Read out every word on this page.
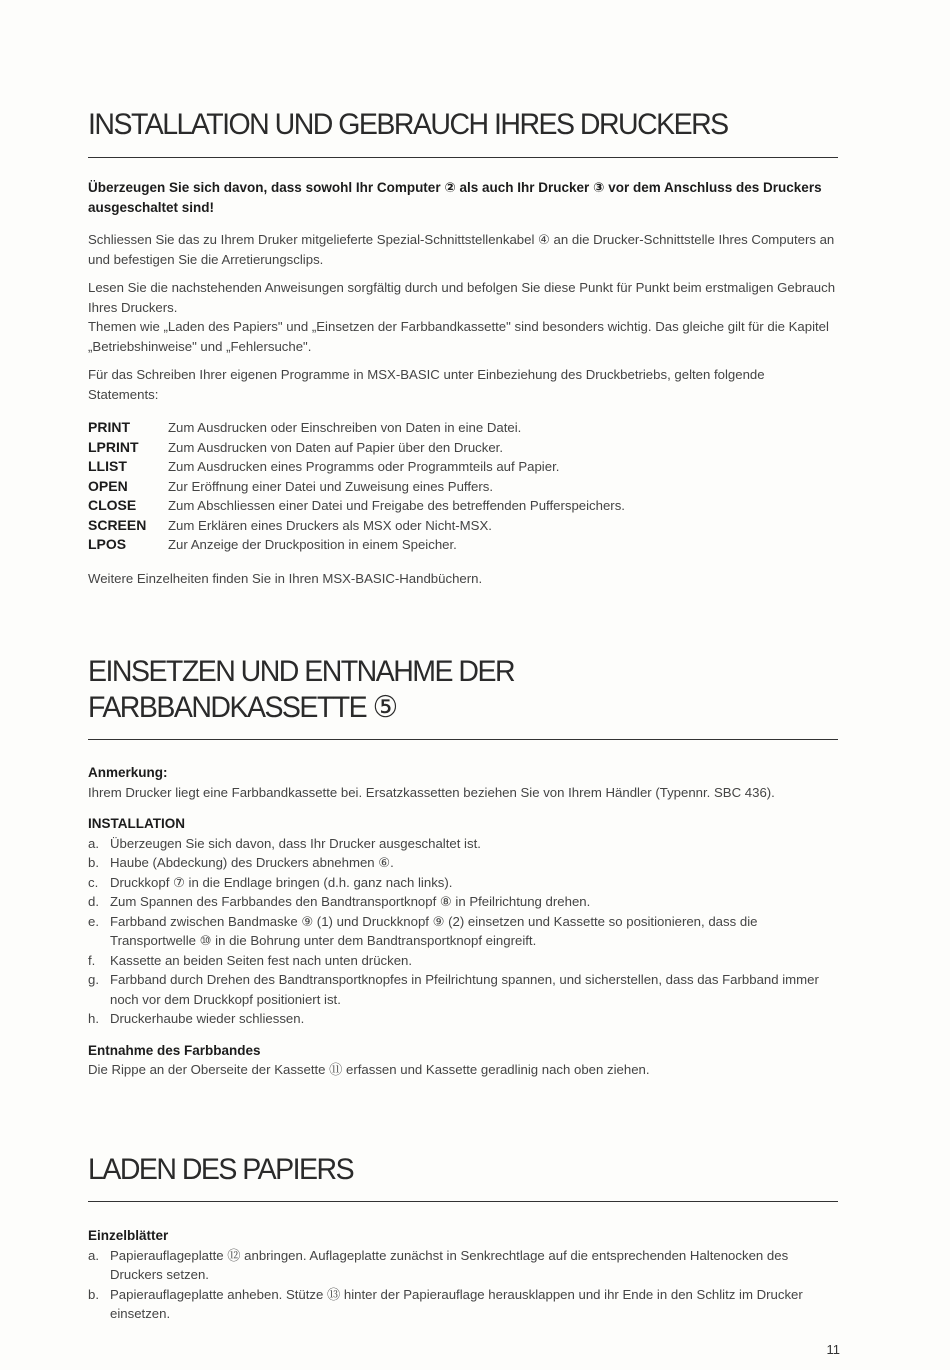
INSTALLATION UND GEBRAUCH IHRES DRUCKERS

Überzeugen Sie sich davon, dass sowohl Ihr Computer ② als auch Ihr Drucker ③ vor dem Anschluss des Druckers ausgeschaltet sind!

Schliessen Sie das zu Ihrem Druker mitgelieferte Spezial-Schnittstellenkabel ④ an die Drucker-Schnittstelle Ihres Computers an und befestigen Sie die Arretierungsclips.

Lesen Sie die nachstehenden Anweisungen sorgfältig durch und befolgen Sie diese Punkt für Punkt beim erstmaligen Gebrauch Ihres Druckers.

Themen wie „Laden des Papiers" und „Einsetzen der Farbbandkassette" sind besonders wichtig. Das gleiche gilt für die Kapitel „Betriebshinweise" und „Fehlersuche".

Für das Schreiben Ihrer eigenen Programme in MSX-BASIC unter Einbeziehung des Druckbetriebs, gelten folgende Statements:

PRINT	Zum Ausdrucken oder Einschreiben von Daten in eine Datei.
LPRINT	Zum Ausdrucken von Daten auf Papier über den Drucker.
LLIST	Zum Ausdrucken eines Programms oder Programmteils auf Papier.
OPEN	Zur Eröffnung einer Datei und Zuweisung eines Puffers.
CLOSE	Zum Abschliessen einer Datei und Freigabe des betreffenden Pufferspeichers.
SCREEN	Zum Erklären eines Druckers als MSX oder Nicht-MSX.
LPOS	Zur Anzeige der Druckposition in einem Speicher.

Weitere Einzelheiten finden Sie in Ihren MSX-BASIC-Handbüchern.

EINSETZEN UND ENTNAHME DER
FARBBANDKASSETTE ⑤

Anmerkung:

Ihrem Drucker liegt eine Farbbandkassette bei. Ersatzkassetten beziehen Sie von Ihrem Händler (Typennr. SBC 436).

INSTALLATION

a. Überzeugen Sie sich davon, dass Ihr Drucker ausgeschaltet ist.
b. Haube (Abdeckung) des Druckers abnehmen ⑥.
c. Druckkopf ⑦ in die Endlage bringen (d.h. ganz nach links).
d. Zum Spannen des Farbbandes den Bandtransportknopf ⑧ in Pfeilrichtung drehen.
e. Farbband zwischen Bandmaske ⑨ (1) und Druckknopf ⑨ (2) einsetzen und Kassette so positionieren, dass die Transportwelle ⑩ in die Bohrung unter dem Bandtransportknopf eingreift.
f. Kassette an beiden Seiten fest nach unten drücken.
g. Farbband durch Drehen des Bandtransportknopfes in Pfeilrichtung spannen, und sicherstellen, dass das Farbband immer noch vor dem Druckkopf positioniert ist.
h. Druckerhaube wieder schliessen.

Entnahme des Farbbandes

Die Rippe an der Oberseite der Kassette ⑪ erfassen und Kassette geradlinig nach oben ziehen.

LADEN DES PAPIERS

Einzelblätter

a. Papierauflageplatte ⑫ anbringen. Auflageplatte zunächst in Senkrechtlage auf die entsprechenden Haltenocken des Druckers setzen.
b. Papierauflageplatte anheben. Stütze ⑬ hinter der Papierauflage herausklappen und ihr Ende in den Schlitz im Drucker einsetzen.
11
